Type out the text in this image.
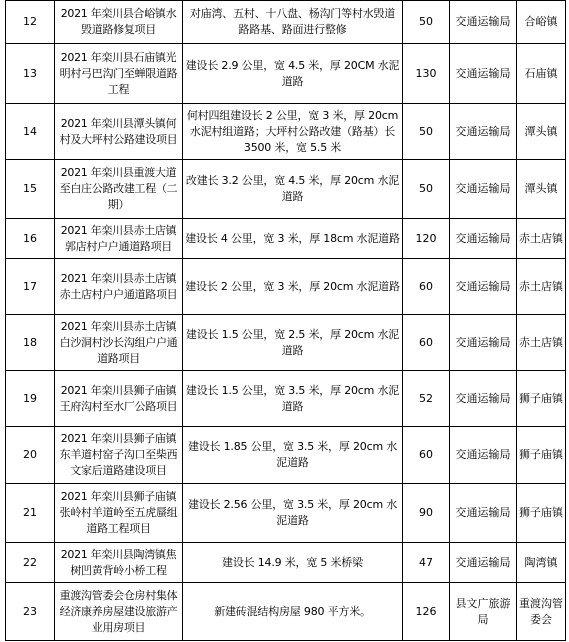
12	2021 年栾川县合峪镇水毁道路修复项目	对庙湾、五村、十八盘、杨沟门等村水毁道路路基、路面进行整修	50	交通运输局	合峪镇
13	2021 年栾川县石庙镇光明村弓巴沟门至蝉限道路工程	建设长 2.9 公里，宽 4.5 米，厚 20CM 水泥道路	130	交通运输局	石庙镇
14	2021 年栾川县潭头镇何村及大坪村公路建设项目	何村四组建设长 2 公里，宽 3 米，厚 20cm 水泥村组道路；大坪村公路改建（路基）长 3500 米，宽 5.5 米	50	交通运输局	潭头镇
15	2021 年栾川县重渡大道至白庄公路改建工程（二期）	改建长 3.2 公里，宽 4.5 米，厚 20cm 水泥道路	50	交通运输局	潭头镇
16	2021 年栾川县赤土店镇郭店村户户通道路项目	建设长 4 公里，宽 3 米，厚 18cm 水泥道路	120	交通运输局	赤土店镇
17	2021 年栾川县赤土店镇赤土店村户户通道路项目	建设长 2 公里，宽 3 米，厚 20cm 水泥道路	60	交通运输局	赤土店镇
18	2021 年栾川县赤土店镇白沙洞村沙长沟组户户通道路项目	建设长 1.5 公里，宽 2.5 米，厚 20cm 水泥道路	60	交通运输局	赤土店镇
19	2021 年栾川县狮子庙镇王府沟村至水厂公路项目	建设长 1.5 公里，宽 3.5 米，厚 20cm 水泥道路	52	交通运输局	狮子庙镇
20	2021 年栾川县狮子庙镇东羊道村窑子沟口至柴西文家后道路建设项目	建设长 1.85 公里，宽 3.5 米，厚 20cm 水泥道路	60	交通运输局	狮子庙镇
21	2021 年栾川县狮子庙镇张岭村羊道岭至五虎蜃组道路工程项目	建设长 2.56 公里，宽 3.5 米，厚 20cm 水泥道路	90	交通运输局	狮子庙镇
22	2021 年栾川县陶湾镇焦树凹黄背岭小桥工程	建设长 14.9 米，宽 5 米桥梁	47	交通运输局	陶湾镇
23	重渡沟管委会仓房村集体经济康养房屋建设旅游产业用房项目	新建砖混结构房屋 980 平方米。	126	县文广旅游局	重渡沟管委会
